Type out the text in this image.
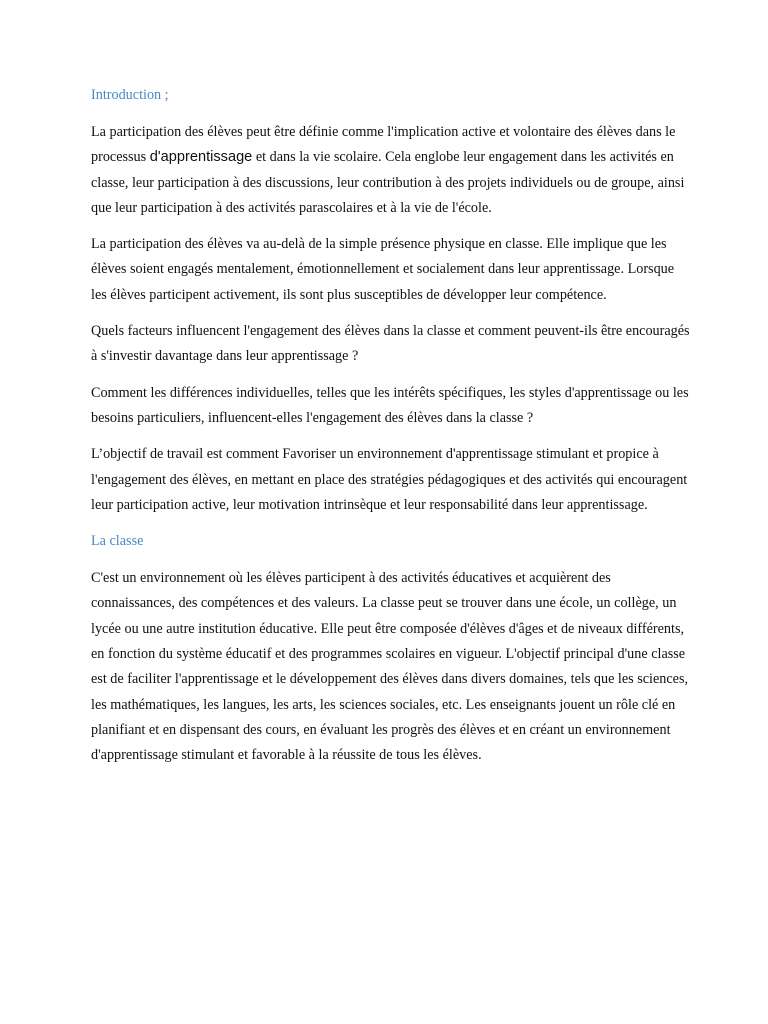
Introduction ;

La participation des élèves peut être définie comme l'implication active et volontaire des élèves dans le processus d'apprentissage et dans la vie scolaire. Cela englobe leur engagement dans les activités en classe, leur participation à des discussions, leur contribution à des projets individuels ou de groupe, ainsi que leur participation à des activités parascolaires et à la vie de l'école.

La participation des élèves va au-delà de la simple présence physique en classe. Elle implique que les élèves soient engagés mentalement, émotionnellement et socialement dans leur apprentissage. Lorsque les élèves participent activement, ils sont plus susceptibles de développer leur compétence.

Quels facteurs influencent l'engagement des élèves dans la classe et comment peuvent-ils être encouragés à s'investir davantage dans leur apprentissage ?

Comment les différences individuelles, telles que les intérêts spécifiques, les styles d'apprentissage ou les besoins particuliers, influencent-elles l'engagement des élèves dans la classe ?

L’objectif de travail est comment Favoriser un environnement d'apprentissage stimulant et propice à l'engagement des élèves, en mettant en place des stratégies pédagogiques et des activités qui encouragent leur participation active, leur motivation intrinsèque et leur responsabilité dans leur apprentissage.

La classe

C'est un environnement où les élèves participent à des activités éducatives et acquièrent des connaissances, des compétences et des valeurs. La classe peut se trouver dans une école, un collège, un lycée ou une autre institution éducative. Elle peut être composée d'élèves d'âges et de niveaux différents, en fonction du système éducatif et des programmes scolaires en vigueur. L'objectif principal d'une classe est de faciliter l'apprentissage et le développement des élèves dans divers domaines, tels que les sciences, les mathématiques, les langues, les arts, les sciences sociales, etc. Les enseignants jouent un rôle clé en planifiant et en dispensant des cours, en évaluant les progrès des élèves et en créant un environnement d'apprentissage stimulant et favorable à la réussite de tous les élèves.
